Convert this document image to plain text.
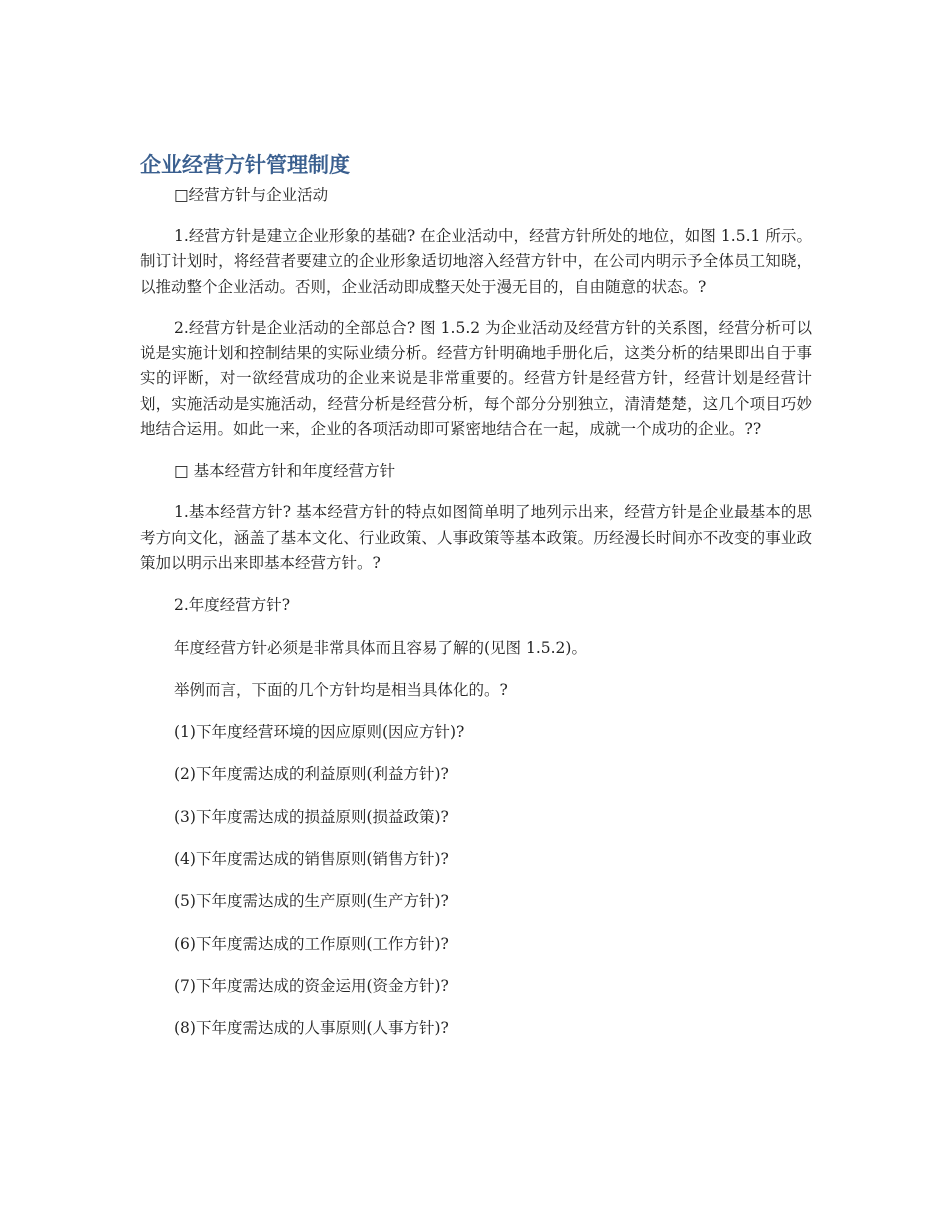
企业经营方针管理制度

□经营方针与企业活动

1.经营方针是建立企业形象的基础? 在企业活动中，经营方针所处的地位，如图 1.5.1 所示。制订计划时，将经营者要建立的企业形象适切地溶入经营方针中，在公司内明示予全体员工知晓，以推动整个企业活动。否则，企业活动即成整天处于漫无目的，自由随意的状态。?

2.经营方针是企业活动的全部总合? 图 1.5.2 为企业活动及经营方针的关系图，经营分析可以说是实施计划和控制结果的实际业绩分析。经营方针明确地手册化后，这类分析的结果即出自于事实的评断，对一欲经营成功的企业来说是非常重要的。经营方针是经营方针，经营计划是经营计划，实施活动是实施活动，经营分析是经营分析，每个部分分别独立，清清楚楚，这几个项目巧妙地结合运用。如此一来，企业的各项活动即可紧密地结合在一起，成就一个成功的企业。??

□ 基本经营方针和年度经营方针

1.基本经营方针? 基本经营方针的特点如图简单明了地列示出来，经营方针是企业最基本的思考方向文化，涵盖了基本文化、行业政策、人事政策等基本政策。历经漫长时间亦不改变的事业政策加以明示出来即基本经营方针。?

2.年度经营方针?

年度经营方针必须是非常具体而且容易了解的(见图 1.5.2)。

举例而言，下面的几个方针均是相当具体化的。?

(1)下年度经营环境的因应原则(因应方针)?

(2)下年度需达成的利益原则(利益方针)?

(3)下年度需达成的损益原则(损益政策)?

(4)下年度需达成的销售原则(销售方针)?

(5)下年度需达成的生产原则(生产方针)?

(6)下年度需达成的工作原则(工作方针)?

(7)下年度需达成的资金运用(资金方针)?

(8)下年度需达成的人事原则(人事方针)?
